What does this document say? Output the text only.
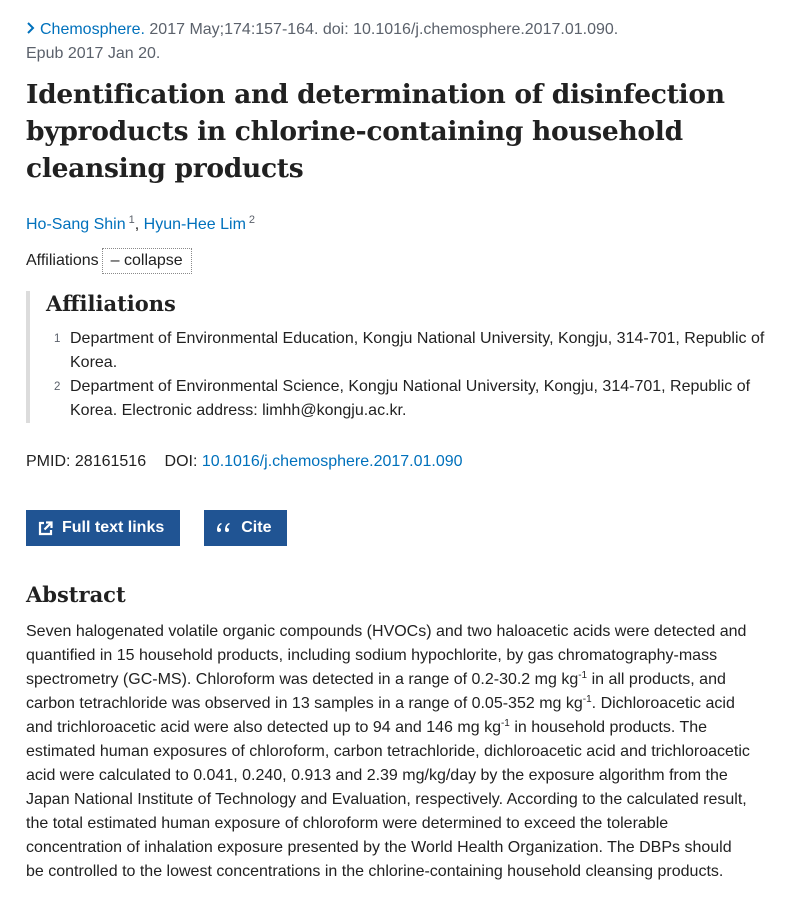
Chemosphere. 2017 May;174:157-164. doi: 10.1016/j.chemosphere.2017.01.090.
Epub 2017 Jan 20.
Identification and determination of disinfection byproducts in chlorine-containing household cleansing products
Ho-Sang Shin $^1$, Hyun-Hee Lim $^2$
Affiliations – collapse
Affiliations
1 Department of Environmental Education, Kongju National University, Kongju, 314-701, Republic of Korea.
2 Department of Environmental Science, Kongju National University, Kongju, 314-701, Republic of Korea. Electronic address: limhh@kongju.ac.kr.
PMID: 28161516 DOI: 10.1016/j.chemosphere.2017.01.090
Full text links	Cite
Abstract

Seven halogenated volatile organic compounds (HVOCs) and two haloacetic acids were detected and quantified in 15 household products, including sodium hypochlorite, by gas chromatography-mass spectrometry (GC-MS). Chloroform was detected in a range of 0.2-30.2 mg $kg^{-1}$ in all products, and carbon tetrachloride was observed in 13 samples in a range of 0.05-352 mg $kg^{-1}$. Dichloroacetic acid and trichloroacetic acid were also detected up to 94 and 146 mg $kg^{-1}$ in household products. The estimated human exposures of chloroform, carbon tetrachloride, dichloroacetic acid and trichloroacetic acid were calculated to 0.041, 0.240, 0.913 and 2.39 mg/kg/day by the exposure algorithm from the Japan National Institute of Technology and Evaluation, respectively. According to the calculated result, the total estimated human exposure of chloroform were determined to exceed the tolerable concentration of inhalation exposure presented by the World Health Organization. The DBPs should be controlled to the lowest concentrations in the chlorine-containing household cleansing products.
